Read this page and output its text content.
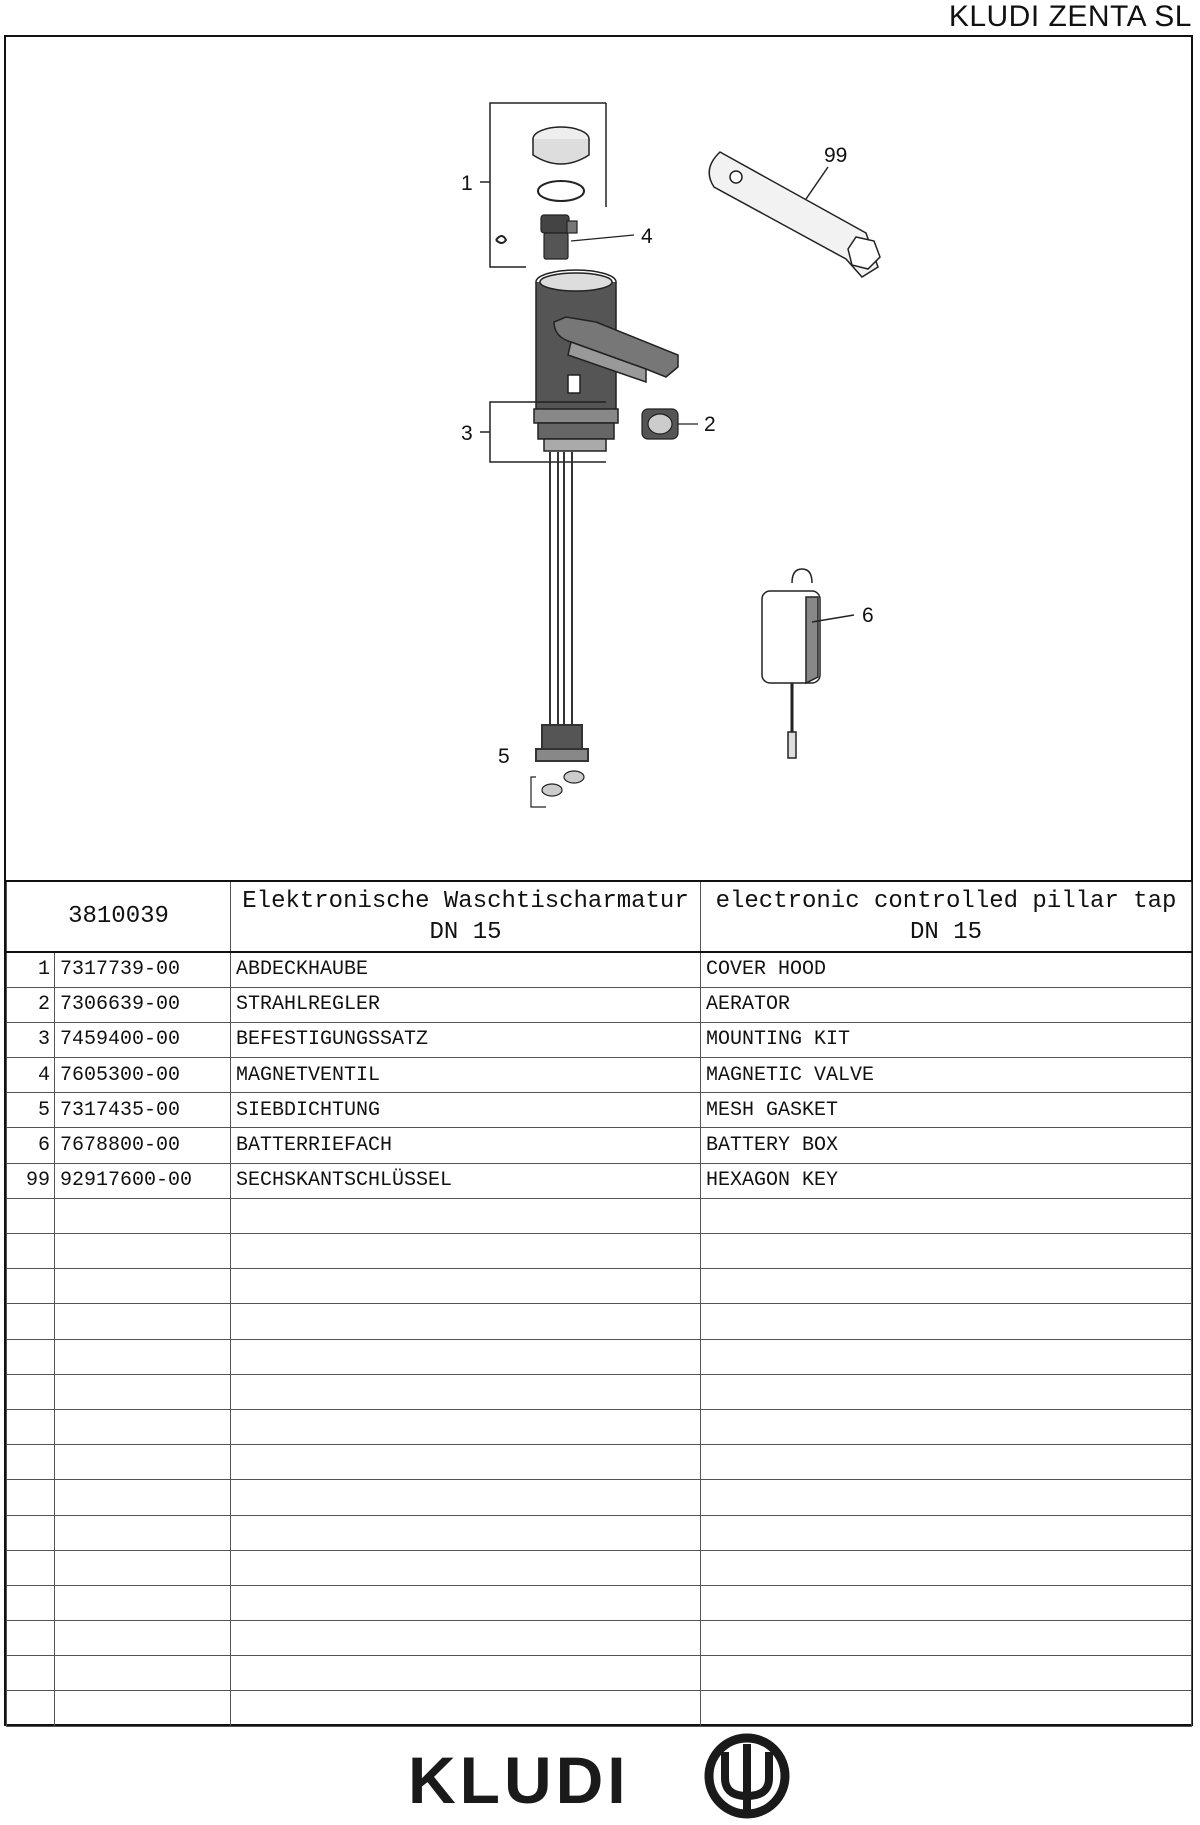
KLUDI ZENTA SL
1
2
3
4
5
6
99
3810039		Elektronische Waschtischarmatur DN 15	electronic controlled pillar tap DN 15
1	7317739-00	ABDECKHAUBE	COVER HOOD
2	7306639-00	STRAHLREGLER	AERATOR
3	7459400-00	BEFESTIGUNGSSATZ	MOUNTING KIT
4	7605300-00	MAGNETVENTIL	MAGNETIC VALVE
5	7317435-00	SIEBDICHTUNG	MESH GASKET
6	7678800-00	BATTERRIEFACH	BATTERY BOX
99	92917600-00	SECHSKANTSCHLÜSSEL	HEXAGON KEY

KLUDI
